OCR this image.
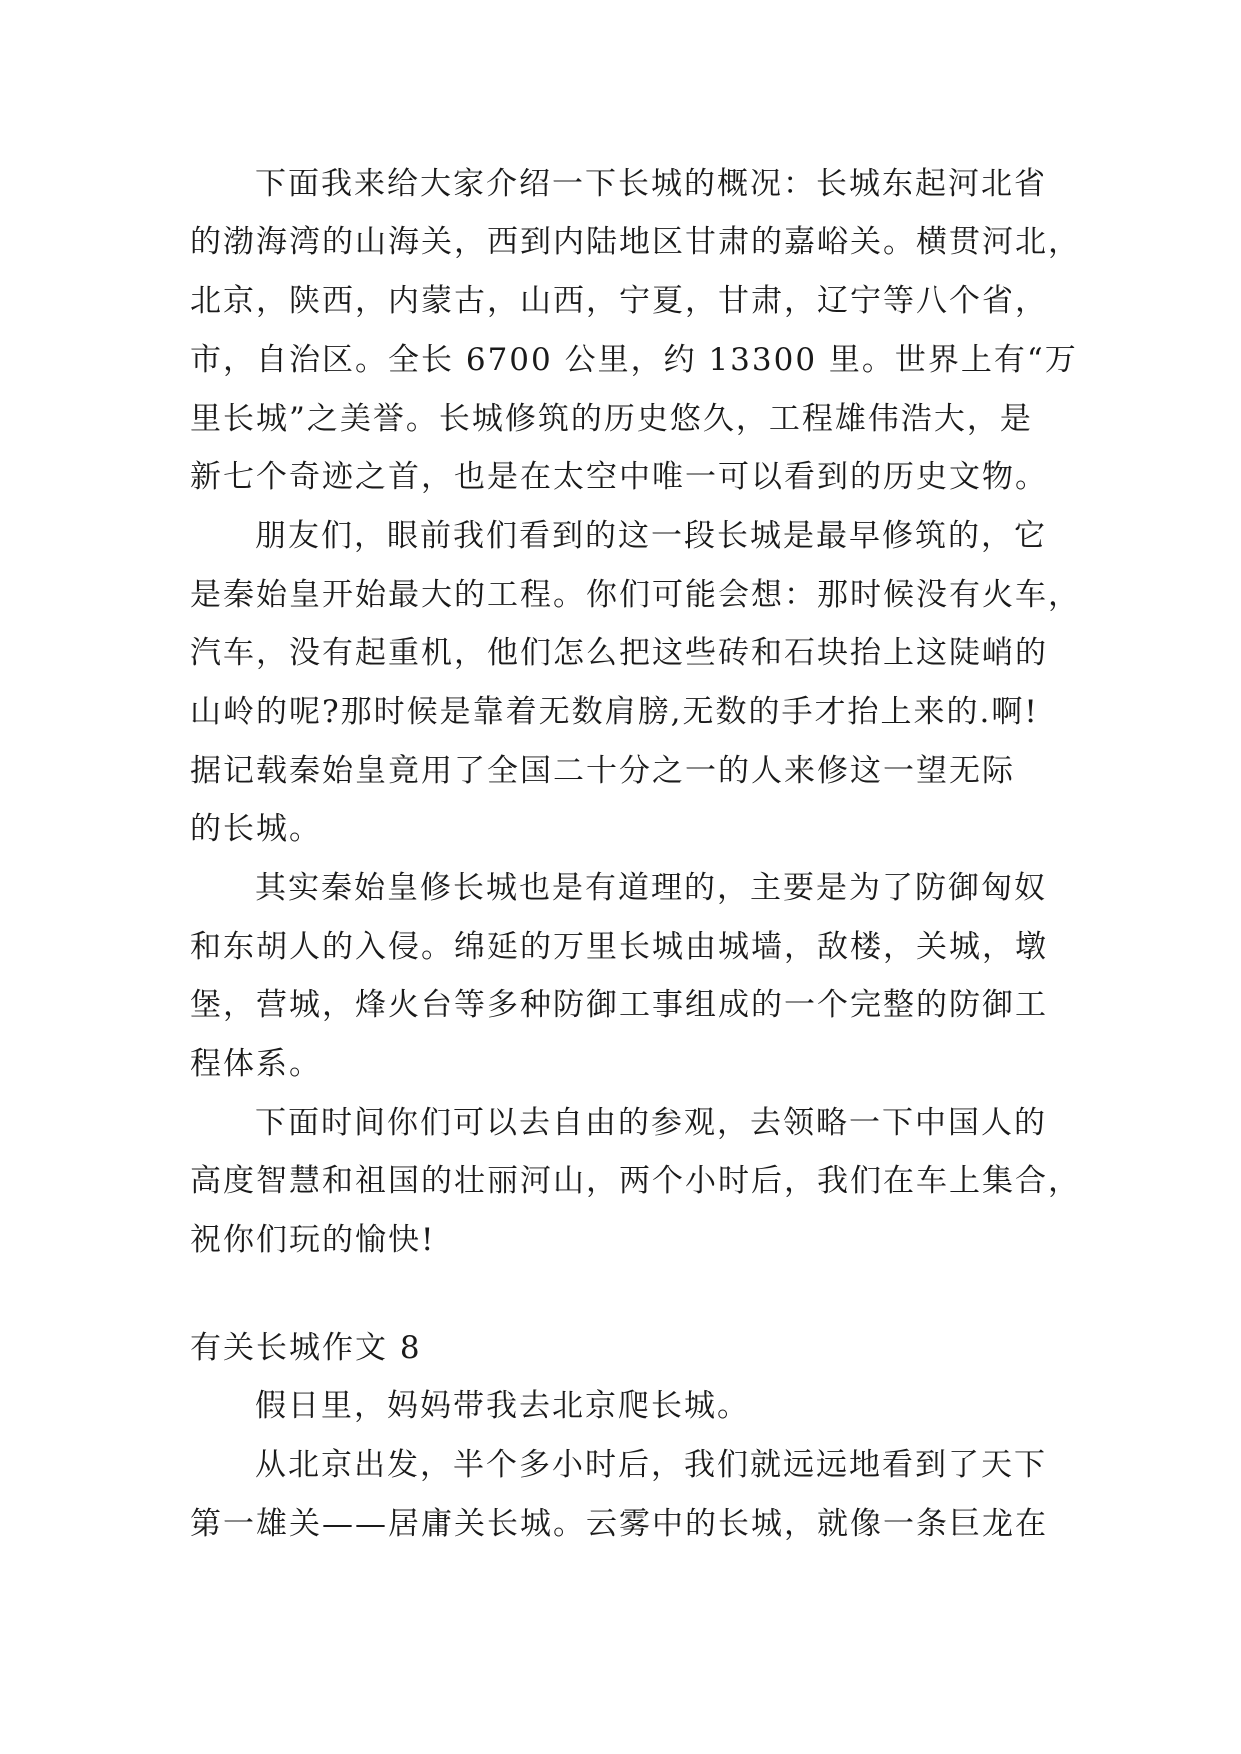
下面我来给大家介绍一下长城的概况：长城东起河北省
的渤海湾的山海关，西到内陆地区甘肃的嘉峪关。横贯河北，
北京，陕西，内蒙古，山西，宁夏，甘肃，辽宁等八个省，
市，自治区。全长 6700 公里，约 13300 里。世界上有“万
里长城”之美誉。长城修筑的历史悠久，工程雄伟浩大，是
新七个奇迹之首，也是在太空中唯一可以看到的历史文物。
朋友们，眼前我们看到的这一段长城是最早修筑的，它
是秦始皇开始最大的工程。你们可能会想：那时候没有火车，
汽车，没有起重机，他们怎么把这些砖和石块抬上这陡峭的
山岭的呢?那时候是靠着无数肩膀,无数的手才抬上来的.啊!
据记载秦始皇竟用了全国二十分之一的人来修这一望无际
的长城。
其实秦始皇修长城也是有道理的，主要是为了防御匈奴
和东胡人的入侵。绵延的万里长城由城墙，敌楼，关城，墩
堡，营城，烽火台等多种防御工事组成的一个完整的防御工
程体系。
下面时间你们可以去自由的参观，去领略一下中国人的
高度智慧和祖国的壮丽河山，两个小时后，我们在车上集合，
祝你们玩的愉快!
有关长城作文 8
假日里，妈妈带我去北京爬长城。
从北京出发，半个多小时后，我们就远远地看到了天下
第一雄关——居庸关长城。云雾中的长城，就像一条巨龙在
